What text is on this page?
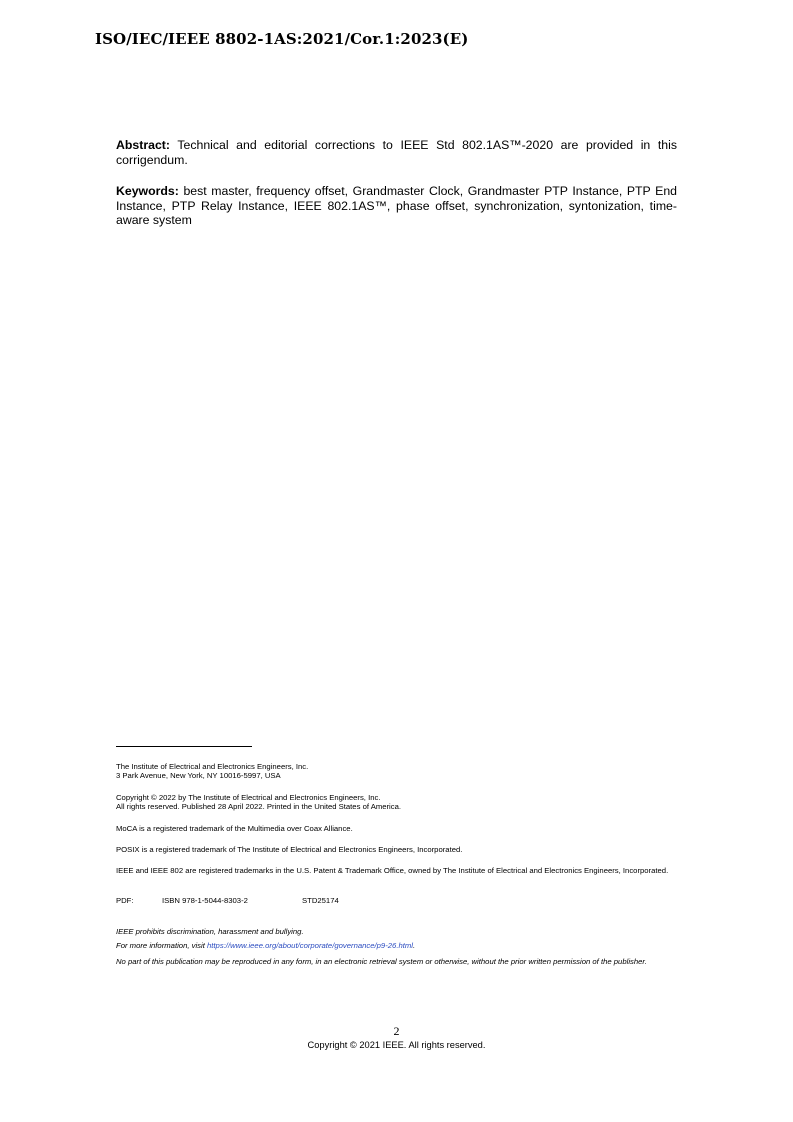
ISO/IEC/IEEE 8802-1AS:2021/Cor.1:2023(E)
Abstract: Technical and editorial corrections to IEEE Std 802.1AS™-2020 are provided in this corrigendum.
Keywords: best master, frequency offset, Grandmaster Clock, Grandmaster PTP Instance, PTP End Instance, PTP Relay Instance, IEEE 802.1AS™, phase offset, synchronization, syntonization, time-aware system
The Institute of Electrical and Electronics Engineers, Inc.
3 Park Avenue, New York, NY 10016-5997, USA
Copyright © 2022 by The Institute of Electrical and Electronics Engineers, Inc.
All rights reserved. Published 28 April 2022. Printed in the United States of America.
MoCA is a registered trademark of the Multimedia over Coax Alliance.
POSIX is a registered trademark of The Institute of Electrical and Electronics Engineers, Incorporated.
IEEE and IEEE 802 are registered trademarks in the U.S. Patent & Trademark Office, owned by The Institute of Electrical and Electronics Engineers, Incorporated.
PDF:	ISBN 978-1-5044-8303-2	STD25174
IEEE prohibits discrimination, harassment and bullying.
For more information, visit https://www.ieee.org/about/corporate/governance/p9-26.html.
No part of this publication may be reproduced in any form, in an electronic retrieval system or otherwise, without the prior written permission of the publisher.
2
Copyright © 2021 IEEE. All rights reserved.
